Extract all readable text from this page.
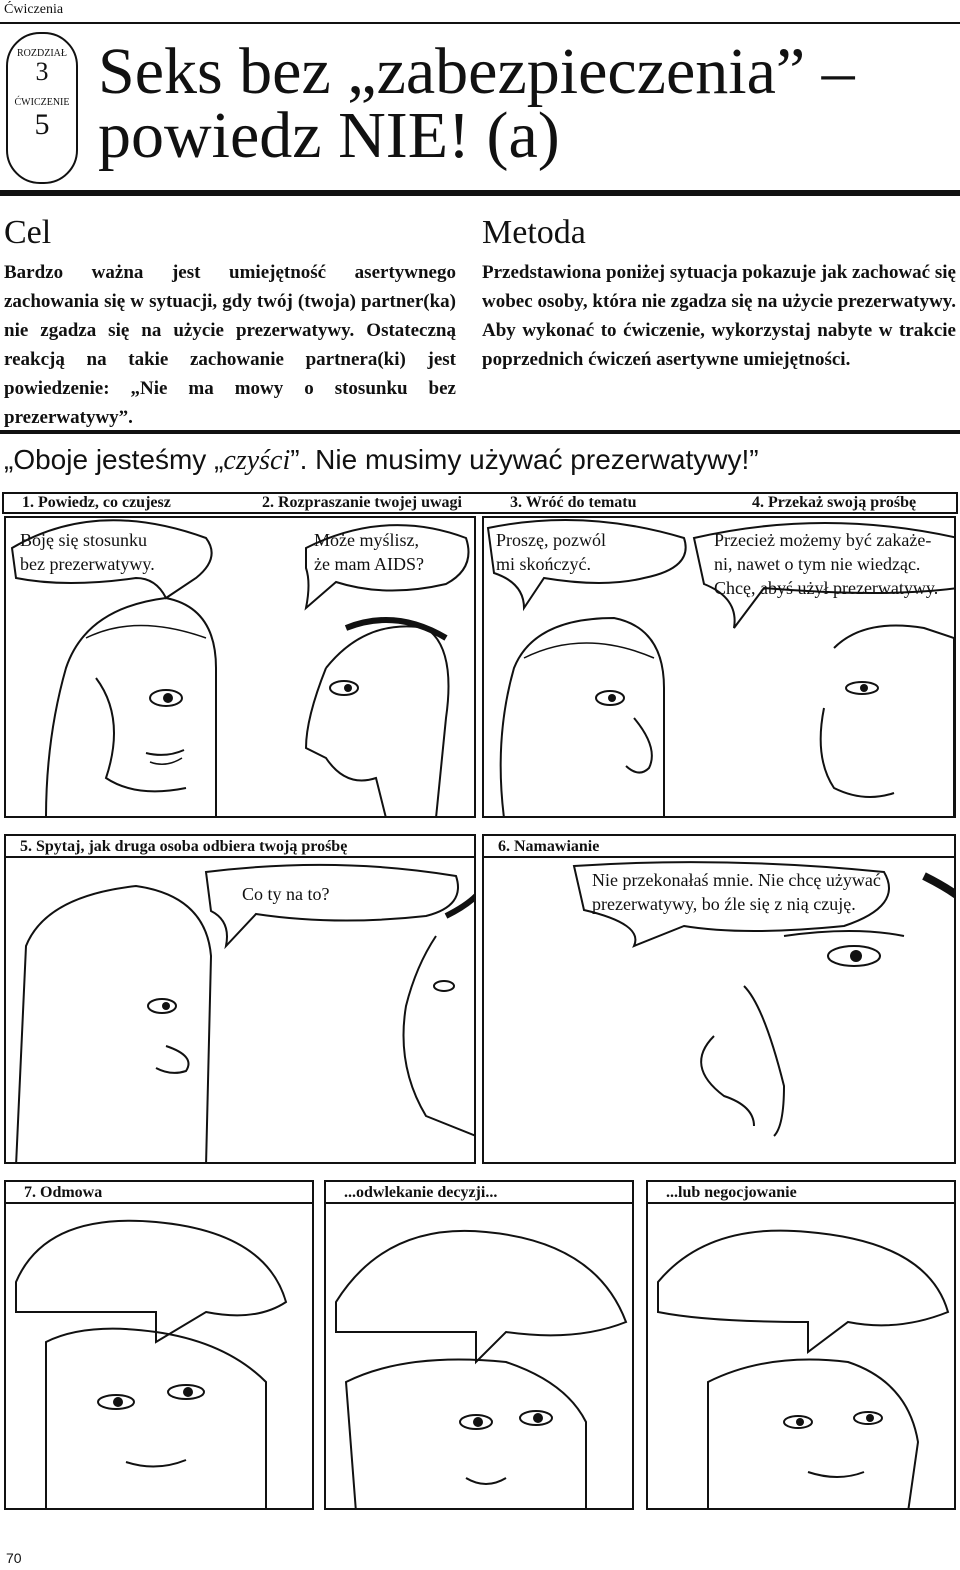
Ćwiczenia
ROZDZIAŁ
3
ĆWICZENIE
5
Seks bez „zabezpieczenia” –
powiedz NIE! (a)
Cel
Bardzo ważna jest umiejętność asertywnego zachowania się w sytuacji, gdy twój (twoja) partner(ka) nie zgadza się na użycie prezerwatywy. Ostateczną reakcją na takie zachowanie partnera(ki) jest powiedzenie: „Nie ma mowy o stosunku bez prezerwatywy”.
Metoda
Przedstawiona poniżej sytuacja pokazuje jak zachować się wobec osoby, która nie zgadza się na użycie prezerwatywy. Aby wykonać to ćwiczenie, wykorzystaj nabyte w trakcie poprzednich ćwiczeń asertywne umiejętności.
„Oboje jesteśmy „czyści”. Nie musimy używać prezerwatywy!”
1. Powiedz, co czujesz	2. Rozpraszanie twojej uwagi	3. Wróć do tematu	4. Przekaż swoją prośbę
Boję się stosunku
bez prezerwatywy.
Może myślisz,
że mam AIDS?
Proszę, pozwól
mi skończyć.
Przecież możemy być zakaże-
ni, nawet o tym nie wiedząc.
Chcę, abyś użył prezerwatywy.
5. Spytaj, jak druga osoba odbiera twoją prośbę
Co ty na to?
6. Namawianie
Nie przekonałaś mnie. Nie chcę używać
prezerwatywy, bo źle się z nią czuję.
7. Odmowa	...odwlekanie decyzji...	...lub negocjowanie
70
